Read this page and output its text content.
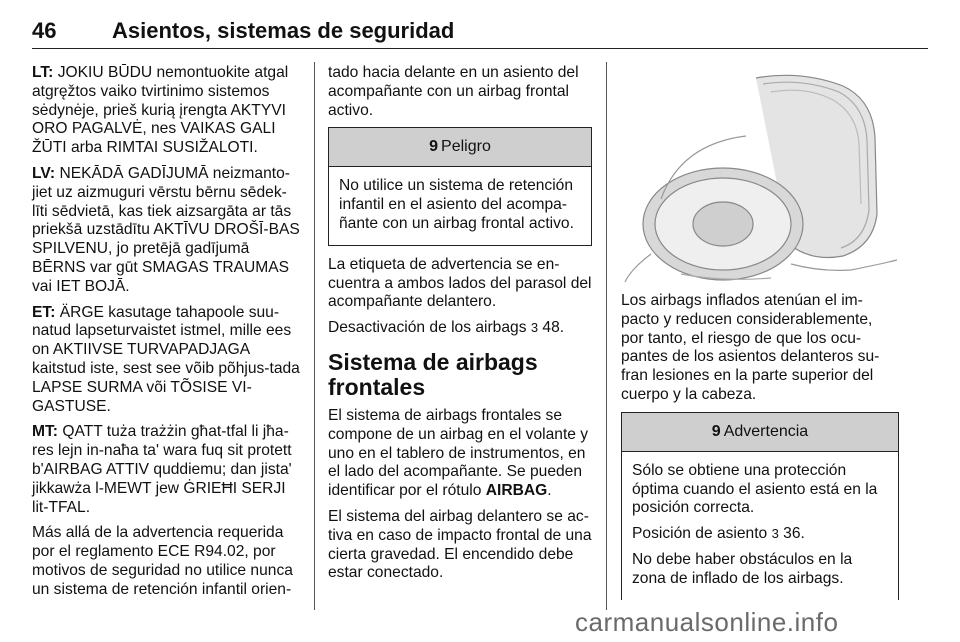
46	Asientos, sistemas de seguridad

LT: JOKIU BŪDU nemontuokite atgal atgręžtos vaiko tvirtinimo sistemos sėdynėje, prieš kurią įrengta AKTYVI ORO PAGALVĖ, nes VAIKAS GALI ŽŪTI arba RIMTAI SUSIŽALOTI.

LV: NEKĀDĀ GADĪJUMĀ neizmanto-jiet uz aizmuguri vērstu bērnu sēdek-līti sēdvietā, kas tiek aizsargāta ar tās priekšā uzstādītu AKTĪVU DROŠĪ-BAS SPILVENU, jo pretējā gadījumā BĒRNS var gūt SMAGAS TRAUMAS vai IET BOJĀ.

ET: ÄRGE kasutage tahapoole suu-natud lapseturvaistet istmel, mille ees on AKTIIVSE TURVAPADJAGA kaitstud iste, sest see võib põhjus-tada LAPSE SURMA või TÕSISE VI-GASTUSE.

MT: QATT tuża trażżin għat-tfal li jħa-res lejn in-naħa ta' wara fuq sit protett b'AIRBAG ATTIV quddiemu; dan jista' jikkawża l-MEWT jew ĠRIEĦI SERJI lit-TFAL.

Más allá de la advertencia requerida por el reglamento ECE R94.02, por motivos de seguridad no utilice nunca un sistema de retención infantil orien-

tado hacia delante en un asiento del acompañante con un airbag frontal activo.

9 Peligro

No utilice un sistema de retención infantil en el asiento del acompa-ñante con un airbag frontal activo.

La etiqueta de advertencia se en-cuentra a ambos lados del parasol del acompañante delantero.

Desactivación de los airbags 3 48.

Sistema de airbags frontales

El sistema de airbags frontales se compone de un airbag en el volante y uno en el tablero de instrumentos, en el lado del acompañante. Se pueden identificar por el rótulo AIRBAG.

El sistema del airbag delantero se ac-tiva en caso de impacto frontal de una cierta gravedad. El encendido debe estar conectado.

Los airbags inflados atenúan el im-pacto y reducen considerablemente, por tanto, el riesgo de que los ocu-pantes de los asientos delanteros su-fran lesiones en la parte superior del cuerpo y la cabeza.

9 Advertencia

Sólo se obtiene una protección óptima cuando el asiento está en la posición correcta.

Posición de asiento 3 36.

No debe haber obstáculos en la zona de inflado de los airbags.

carmanualsonline.info
